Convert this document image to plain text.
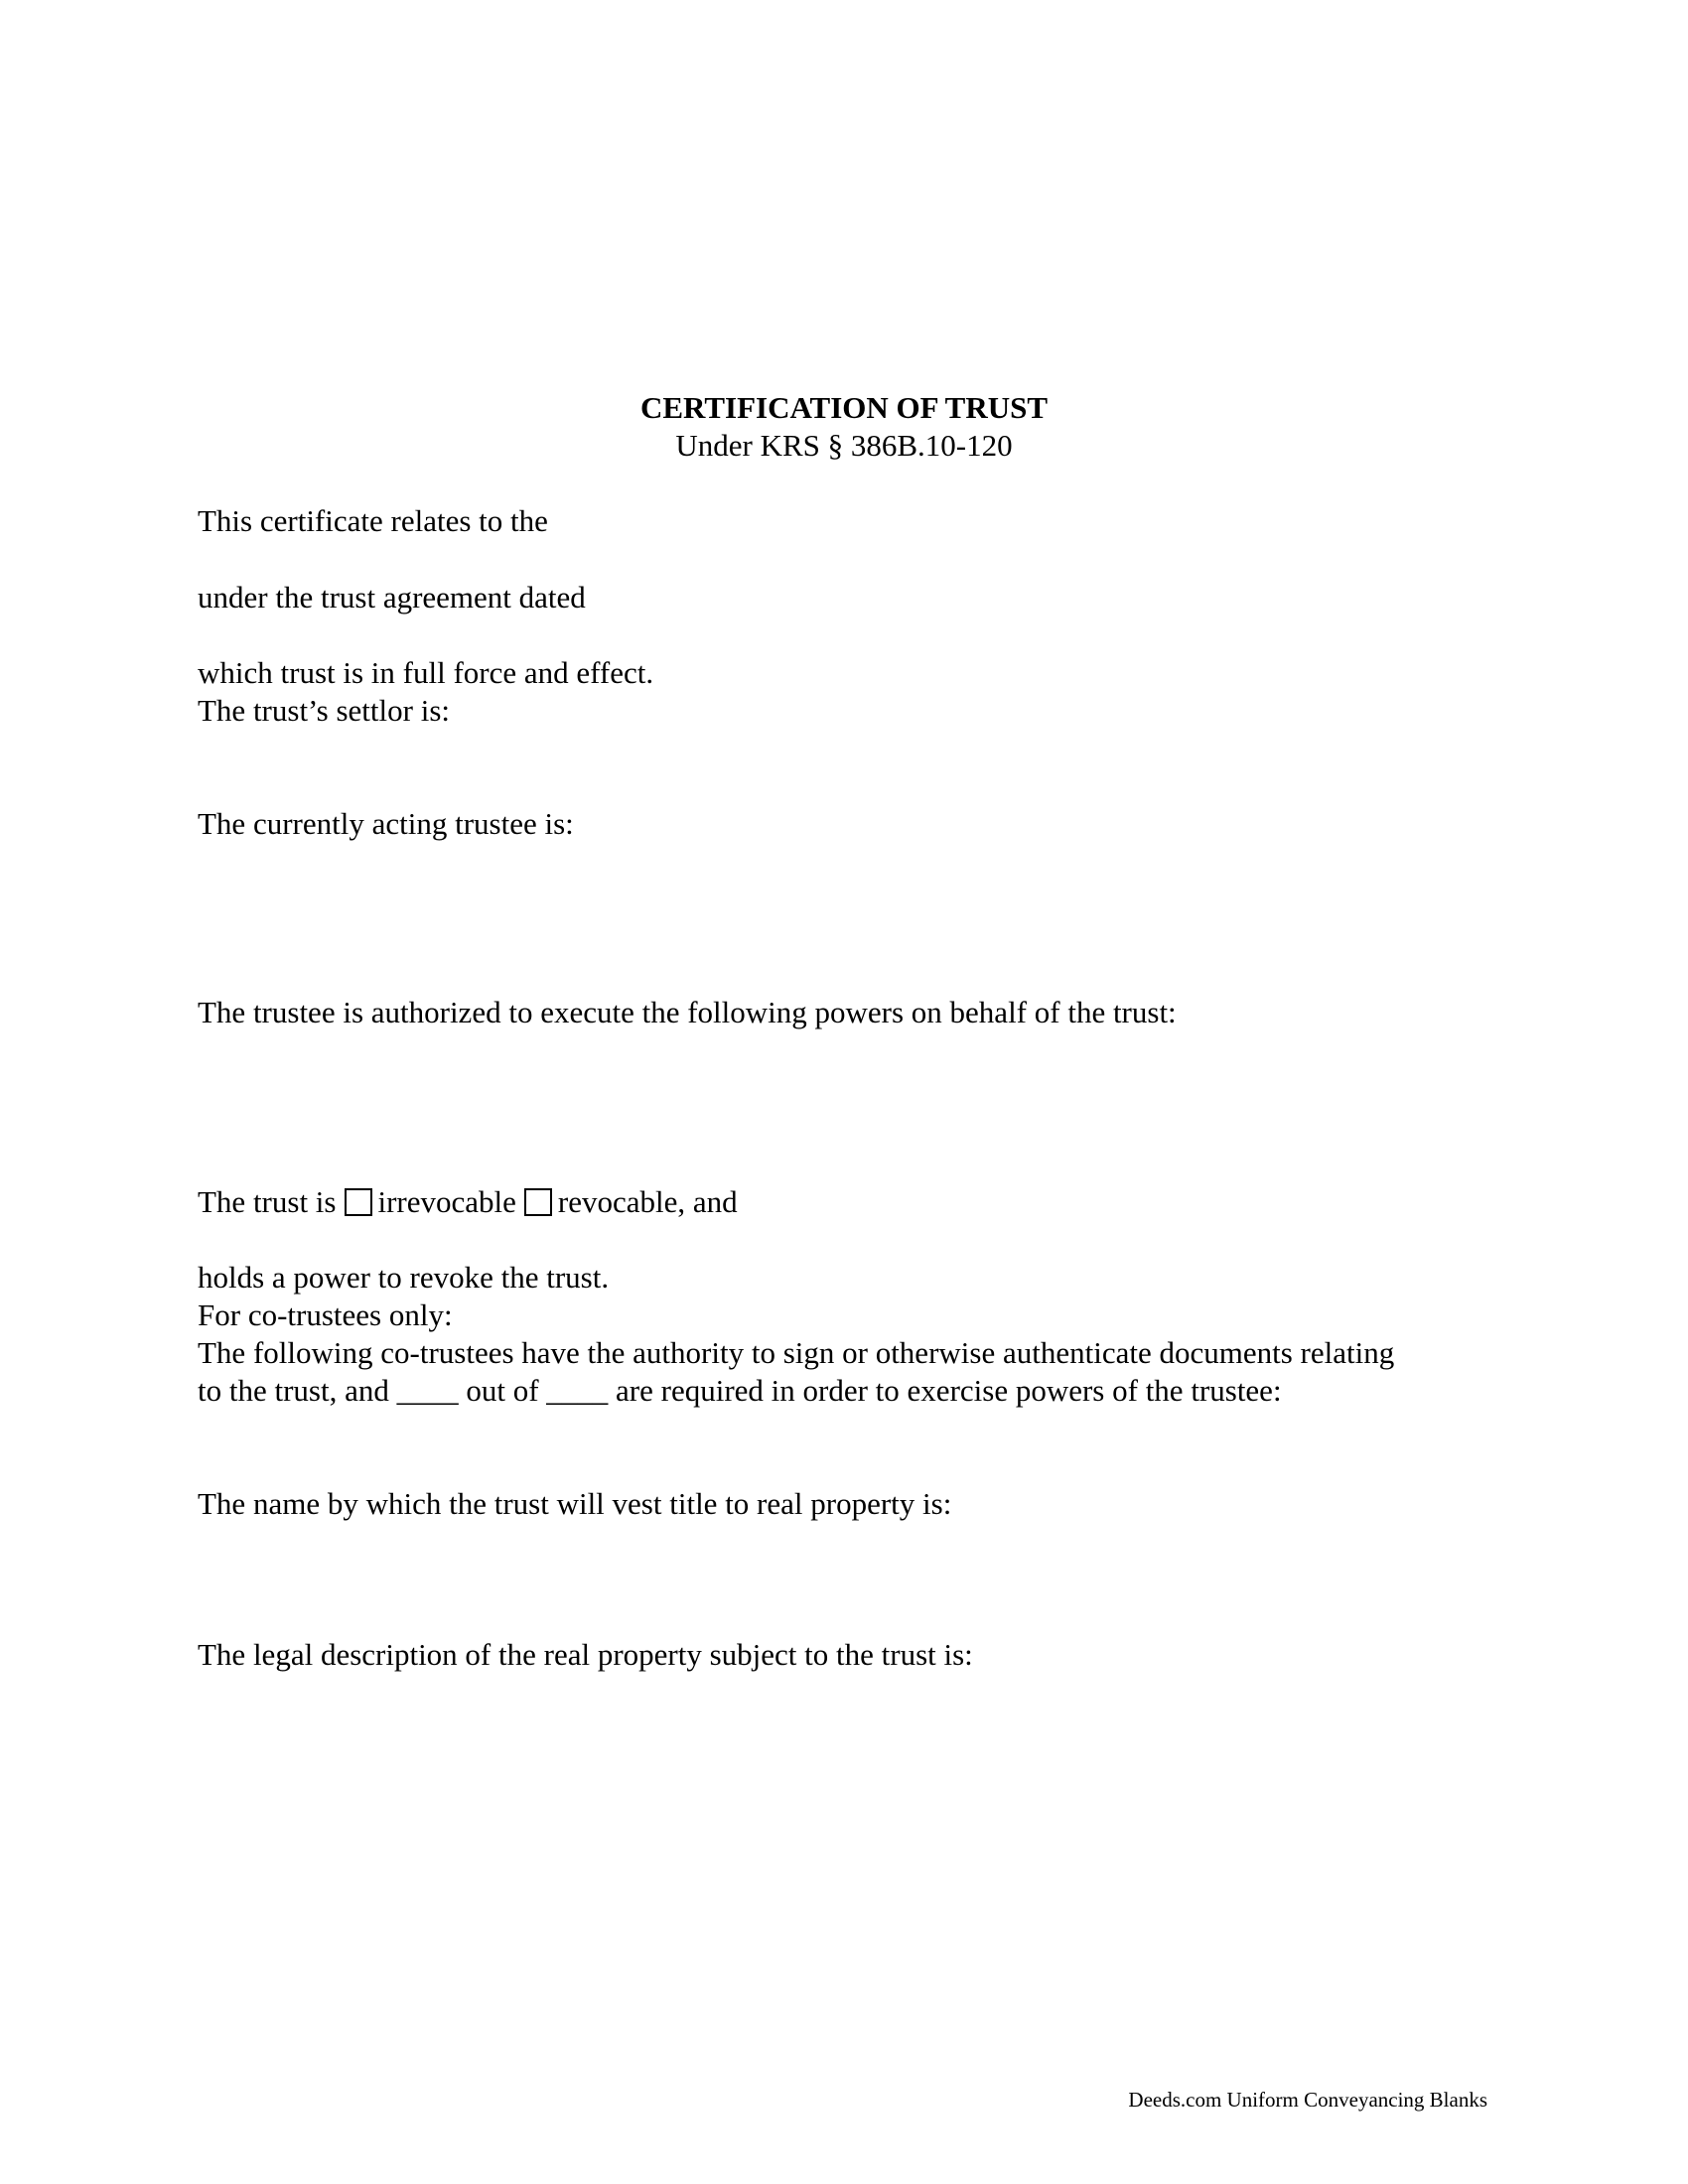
CERTIFICATION OF TRUST
Under KRS § 386B.10-120
This certificate relates to the
under the trust agreement dated
which trust is in full force and effect.
The trust’s settlor is:
The currently acting trustee is:
The trustee is authorized to execute the following powers on behalf of the trust:
The trust is irrevocable revocable, and
holds a power to revoke the trust.
For co-trustees only:
The following co-trustees have the authority to sign or otherwise authenticate documents relating
to the trust, and ____ out of ____ are required in order to exercise powers of the trustee:
The name by which the trust will vest title to real property is:
The legal description of the real property subject to the trust is:
Deeds.com Uniform Conveyancing Blanks
